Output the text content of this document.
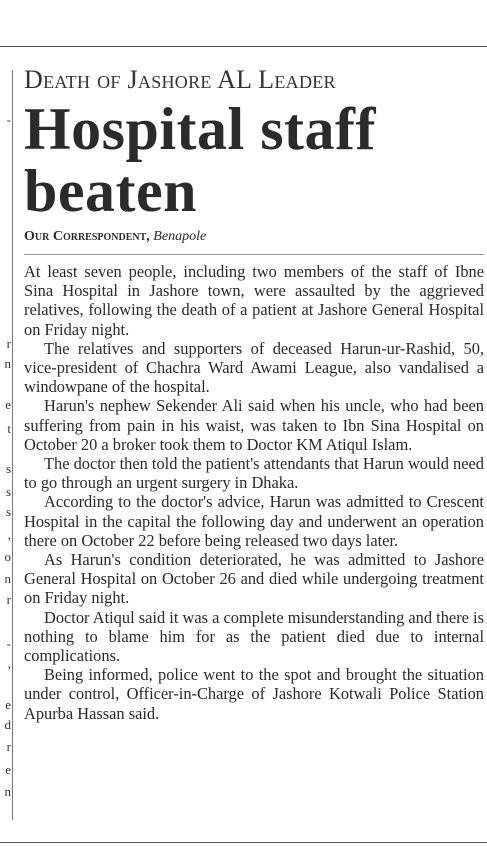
-
r
n
e
t
s
s
s
,
o
n
r
-
,
e
d
r
e
n
Death of Jashore AL Leader
Hospital staff beaten
Our Correspondent, Benapole

At least seven people, including two members of the staff of Ibne Sina Hospital in Jashore town, were assaulted by the aggrieved relatives, following the death of a patient at Jashore General Hospital on Friday night.

The relatives and supporters of deceased Harun-ur-Rashid, 50, vice-president of Chachra Ward Awami League, also vandalised a windowpane of the hospital.

Harun's nephew Sekender Ali said when his uncle, who had been suffering from pain in his waist, was taken to Ibn Sina Hospital on October 20 a broker took them to Doctor KM Atiqul Islam.

The doctor then told the patient's attendants that Harun would need to go through an urgent surgery in Dhaka.

According to the doctor's advice, Harun was admitted to Crescent Hospital in the capital the following day and underwent an operation there on October 22 before being released two days later.

As Harun's condition deteriorated, he was admitted to Jashore General Hospital on October 26 and died while undergoing treatment on Friday night.

Doctor Atiqul said it was a complete misunderstanding and there is nothing to blame him for as the patient died due to internal complications.

Being informed, police went to the spot and brought the situation under control, Officer-in-Charge of Jashore Kotwali Police Station Apurba Hassan said.
